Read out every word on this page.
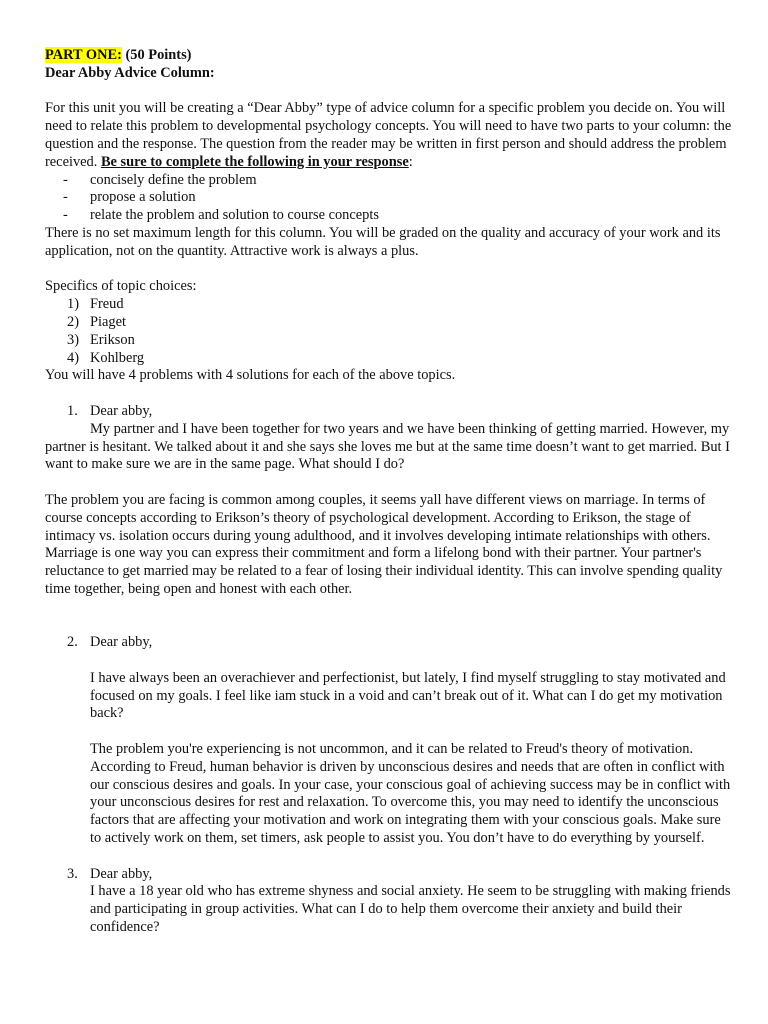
PART ONE: (50 Points)

Dear Abby Advice Column:

For this unit you will be creating a “Dear Abby” type of advice column for a specific problem you decide on. You will need to relate this problem to developmental psychology concepts. You will need to have two parts to your column: the question and the response. The question from the reader may be written in first person and should address the problem received. Be sure to complete the following in your response:

- concisely define the problem
- propose a solution
- relate the problem and solution to course concepts

There is no set maximum length for this column. You will be graded on the quality and accuracy of your work and its application, not on the quantity. Attractive work is always a plus.

Specifics of topic choices:

1) Freud
2) Piaget
3) Erikson
4) Kohlberg

You will have 4 problems with 4 solutions for each of the above topics.

1. Dear abby,

My partner and I have been together for two years and we have been thinking of getting married. However, my partner is hesitant. We talked about it and she says she loves me but at the same time doesn’t want to get married. But I want to make sure we are in the same page. What should I do?

The problem you are facing is common among couples, it seems yall have different views on marriage. In terms of course concepts according to Erikson’s theory of psychological development. According to Erikson, the stage of intimacy vs. isolation occurs during young adulthood, and it involves developing intimate relationships with others. Marriage is one way you can express their commitment and form a lifelong bond with their partner. Your partner's reluctance to get married may be related to a fear of losing their individual identity. This can involve spending quality time together, being open and honest with each other.

2. Dear abby,

I have always been an overachiever and perfectionist, but lately, I find myself struggling to stay motivated and focused on my goals. I feel like iam stuck in a void and can’t break out of it. What can I do get my motivation back?

The problem you're experiencing is not uncommon, and it can be related to Freud's theory of motivation. According to Freud, human behavior is driven by unconscious desires and needs that are often in conflict with our conscious desires and goals. In your case, your conscious goal of achieving success may be in conflict with your unconscious desires for rest and relaxation. To overcome this, you may need to identify the unconscious factors that are affecting your motivation and work on integrating them with your conscious goals. Make sure to actively work on them, set timers, ask people to assist you. You don’t have to do everything by yourself.

3. Dear abby,

I have a 18 year old who has extreme shyness and social anxiety. He seem to be struggling with making friends and participating in group activities. What can I do to help them overcome their anxiety and build their confidence?
